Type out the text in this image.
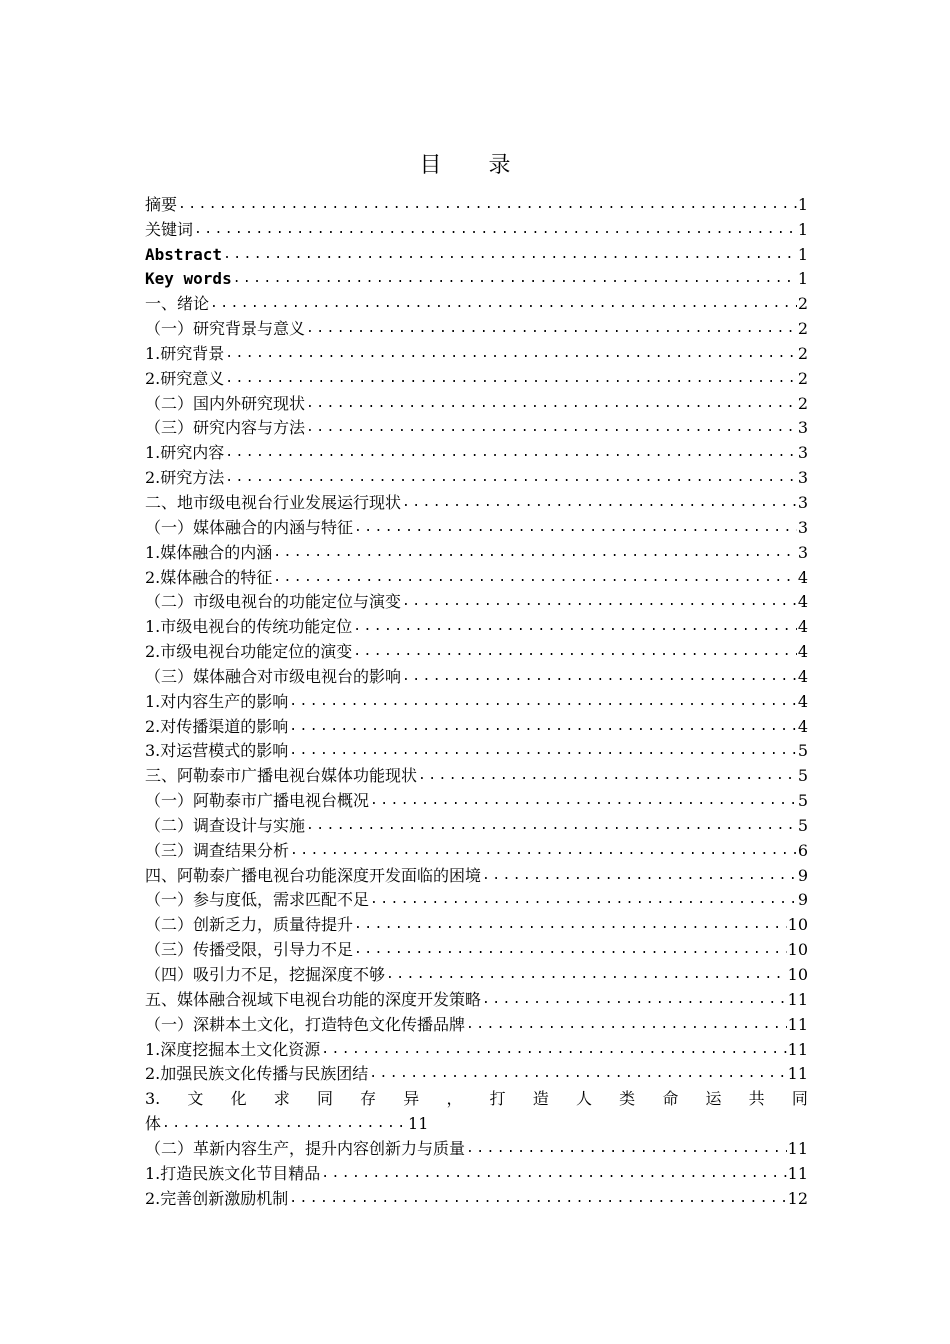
目 录
摘要 .....	1
关键词 .....	1
Abstract .....	1
Key words .....	1
一、绪论 .....	2
（一）研究背景与意义 .....	2
1.研究背景 .....	2
2.研究意义 .....	2
（二）国内外研究现状 .....	2
（三）研究内容与方法 .....	3
1.研究内容 .....	3
2.研究方法 .....	3
二、地市级电视台行业发展运行现状 .....	3
（一）媒体融合的内涵与特征 .....	3
1.媒体融合的内涵 .....	3
2.媒体融合的特征 .....	4
（二）市级电视台的功能定位与演变 .....	4
1.市级电视台的传统功能定位 .....	4
2.市级电视台功能定位的演变 .....	4
（三）媒体融合对市级电视台的影响 .....	4
1.对内容生产的影响 .....	4
2.对传播渠道的影响 .....	4
3.对运营模式的影响 .....	5
三、阿勒泰市广播电视台媒体功能现状 .....	5
（一）阿勒泰市广播电视台概况 .....	5
（二）调查设计与实施 .....	5
（三）调查结果分析 .....	6
四、阿勒泰广播电视台功能深度开发面临的困境 .....	9
（一）参与度低，需求匹配不足 .....	9
（二）创新乏力，质量待提升 .....	10
（三）传播受限，引导力不足 .....	10
（四）吸引力不足，挖掘深度不够 .....	10
五、媒体融合视域下电视台功能的深度开发策略 .....	11
（一）深耕本土文化，打造特色文化传播品牌 .....	11
1.深度挖掘本土文化资源 .....	11
2.加强民族文化传播与民族团结 .....	11
3. 文 化 求 同 存 异 ， 打 造 人 类 命 运 共 同
体 .....	11
（二）革新内容生产，提升内容创新力与质量 .....	11
1.打造民族文化节目精品 .....	11
2.完善创新激励机制 .....	12
